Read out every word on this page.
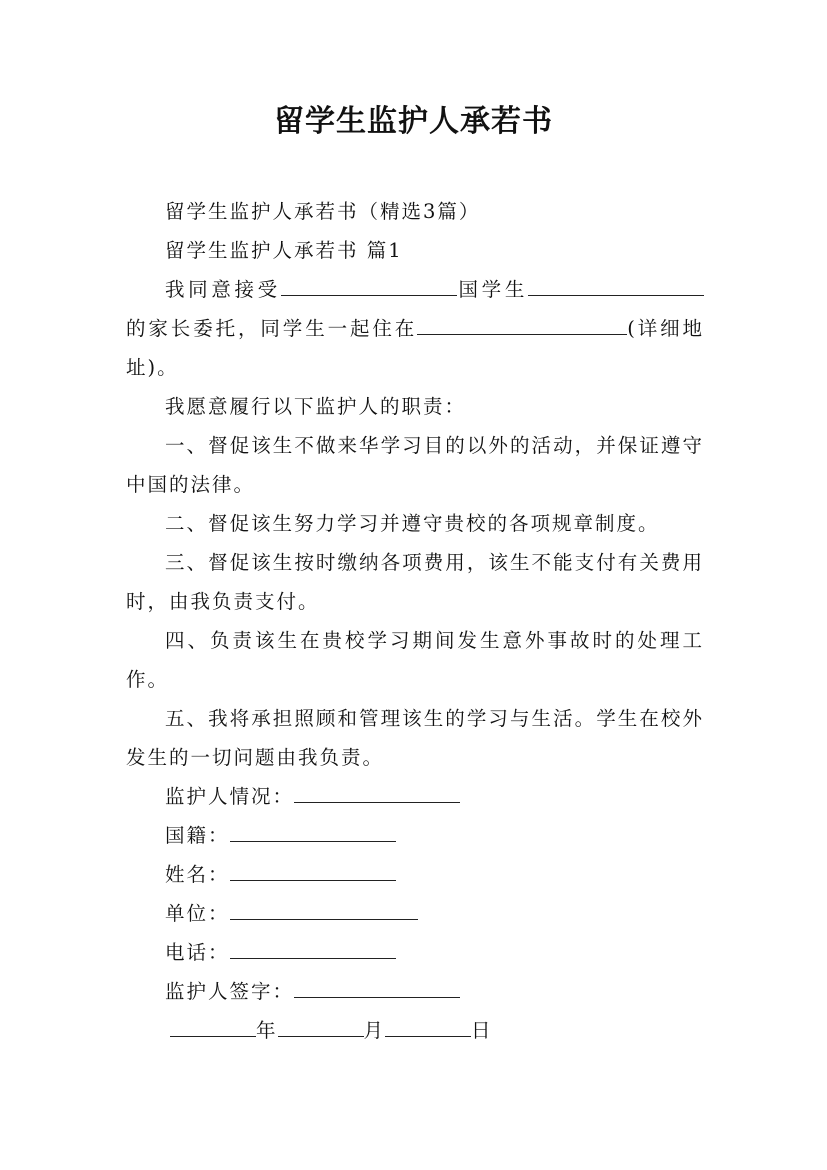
留学生监护人承若书

留学生监护人承若书（精选3篇）

留学生监护人承若书 篇1

我同意接受	国学生的家长委托，同学生一起住在	(详细地址)。

我愿意履行以下监护人的职责：

一、督促该生不做来华学习目的以外的活动，并保证遵守中国的法律。

二、督促该生努力学习并遵守贵校的各项规章制度。

三、督促该生按时缴纳各项费用，该生不能支付有关费用时，由我负责支付。

四、负责该生在贵校学习期间发生意外事故时的处理工作。

五、我将承担照顾和管理该生的学习与生活。学生在校外发生的一切问题由我负责。

监护人情况：

国籍：

姓名：

单位：

电话：

监护人签字：

年	月	日
